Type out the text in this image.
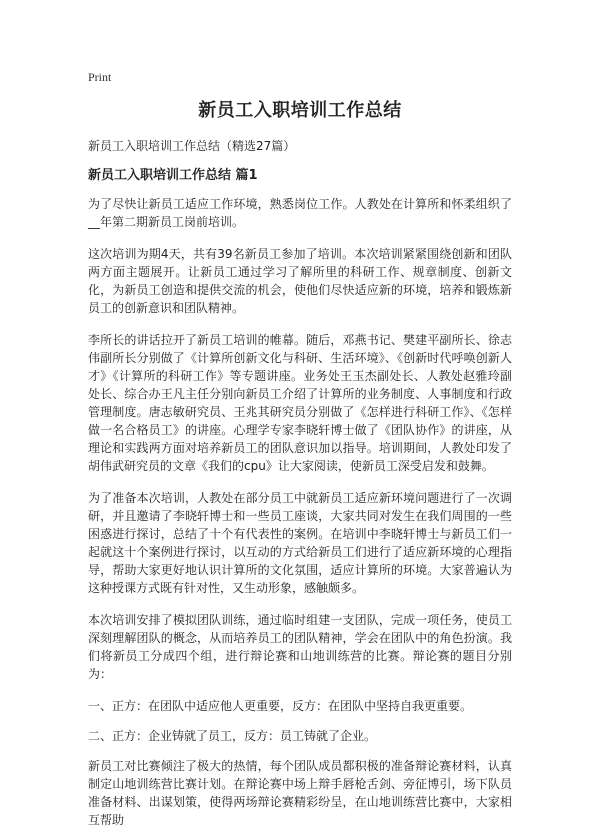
Print
新员工入职培训工作总结
新员工入职培训工作总结（精选27篇）
新员工入职培训工作总结 篇1

为了尽快让新员工适应工作环境，熟悉岗位工作。人教处在计算所和怀柔组织了__年第二期新员工岗前培训。

这次培训为期4天，共有39名新员工参加了培训。本次培训紧紧围绕创新和团队两方面主题展开。让新员工通过学习了解所里的科研工作、规章制度、创新文化，为新员工创造和提供交流的机会，使他们尽快适应新的环境，培养和锻炼新员工的创新意识和团队精神。

李所长的讲话拉开了新员工培训的帷幕。随后，邓燕书记、樊建平副所长、徐志伟副所长分别做了《计算所创新文化与科研、生活环境》、《创新时代呼唤创新人才》《计算所的科研工作》等专题讲座。业务处王玉杰副处长、人教处赵雅玲副处长、综合办王凡主任分别向新员工介绍了计算所的业务制度、人事制度和行政管理制度。唐志敏研究员、王兆其研究员分别做了《怎样进行科研工作》、《怎样做一名合格员工》的讲座。心理学专家李晓轩博士做了《团队协作》的讲座，从理论和实践两方面对培养新员工的团队意识加以指导。培训期间，人教处印发了胡伟武研究员的文章《我们的cpu》让大家阅读，使新员工深受启发和鼓舞。

为了准备本次培训，人教处在部分员工中就新员工适应新环境问题进行了一次调研，并且邀请了李晓轩博士和一些员工座谈，大家共同对发生在我们周围的一些困惑进行探讨，总结了十个有代表性的案例。在培训中李晓轩博士与新员工们一起就这十个案例进行探讨，以互动的方式给新员工们进行了适应新环境的心理指导，帮助大家更好地认识计算所的文化氛围，适应计算所的环境。大家普遍认为这种授课方式既有针对性，又生动形象，感触颇多。

本次培训安排了模拟团队训练，通过临时组建一支团队，完成一项任务，使员工深刻理解团队的概念，从而培养员工的团队精神，学会在团队中的角色扮演。我们将新员工分成四个组，进行辩论赛和山地训练营的比赛。辩论赛的题目分别为：

一、正方：在团队中适应他人更重要，反方：在团队中坚持自我更重要。

二、正方：企业铸就了员工，反方：员工铸就了企业。

新员工对比赛倾注了极大的热情，每个团队成员都积极的准备辩论赛材料，认真制定山地训练营比赛计划。在辩论赛中场上辩手唇枪舌剑、旁征博引，场下队员准备材料、出谋划策，使得两场辩论赛精彩纷呈，在山地训练营比赛中，大家相互帮助
